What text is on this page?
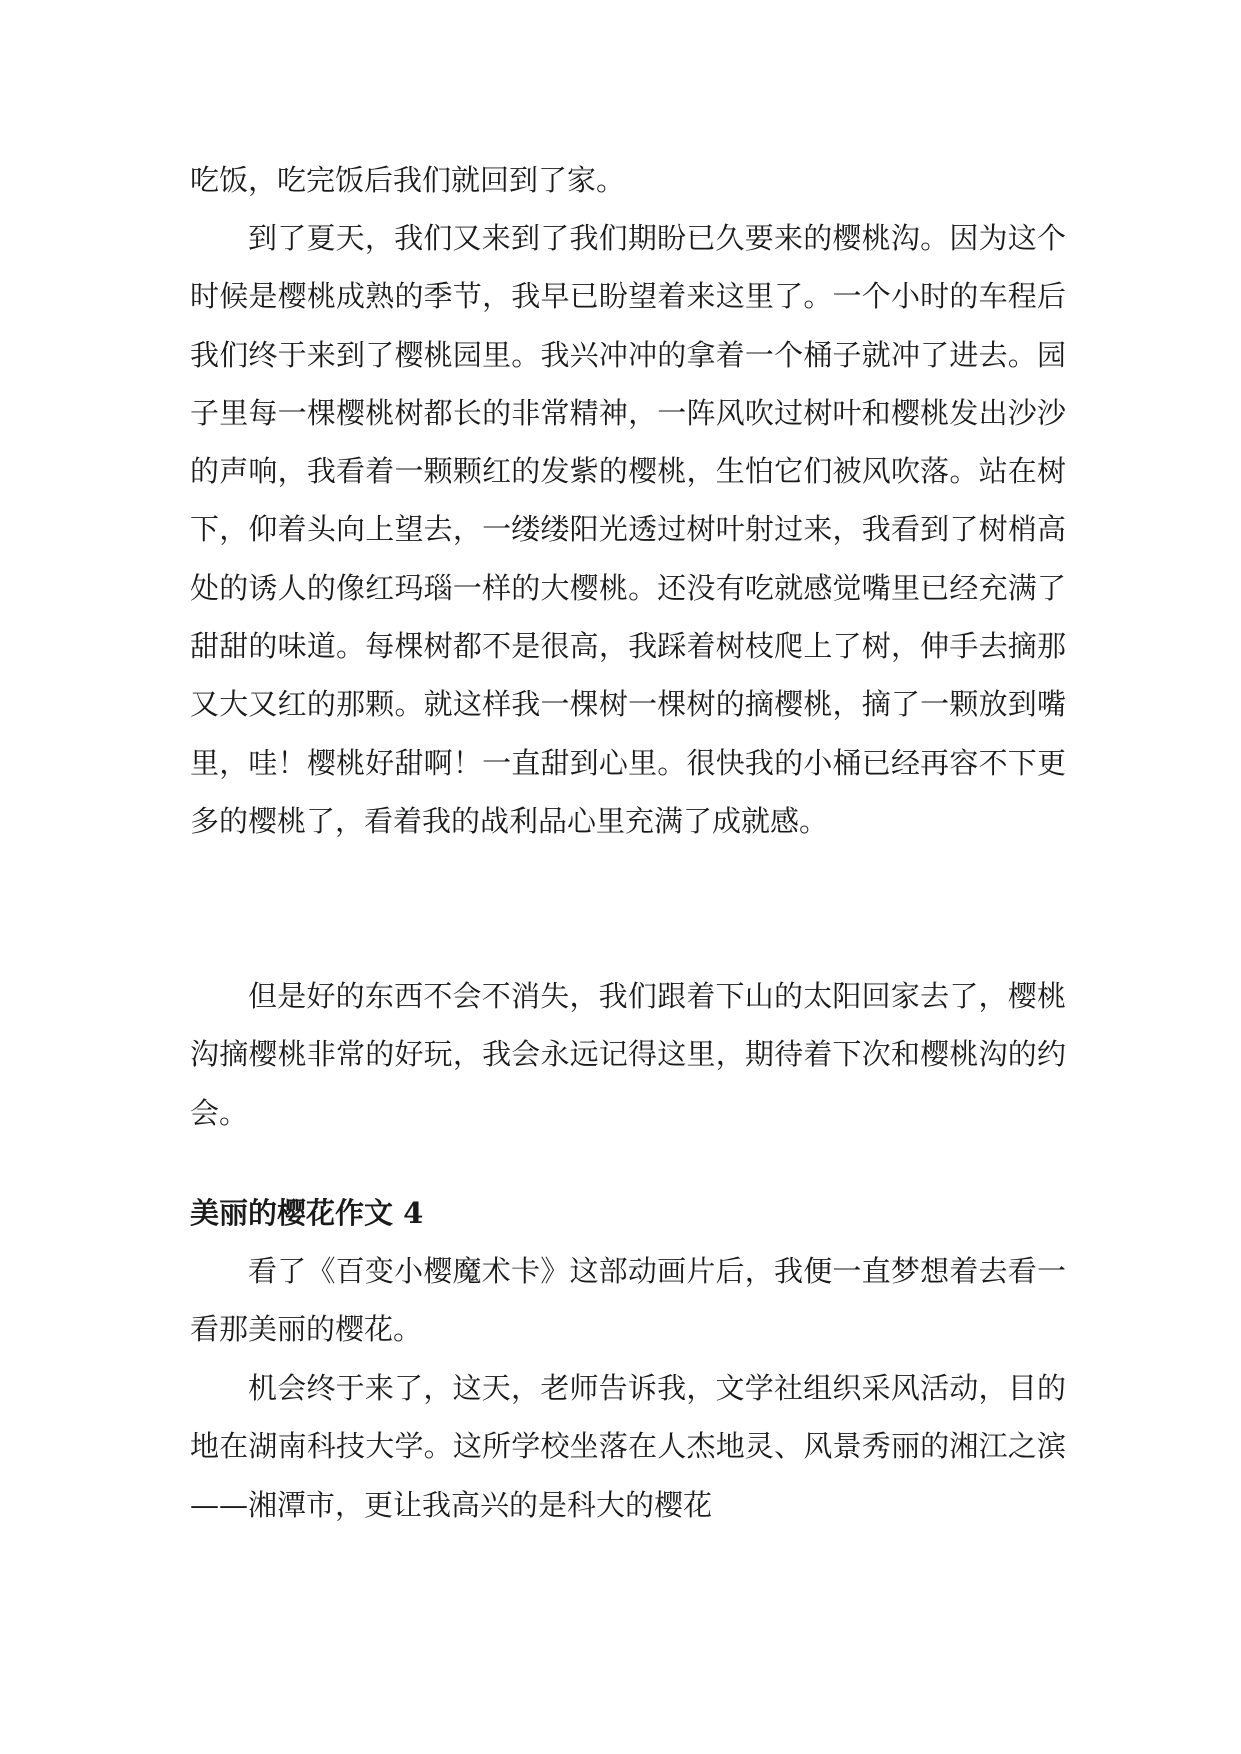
吃饭，吃完饭后我们就回到了家。

到了夏天，我们又来到了我们期盼已久要来的樱桃沟。因为这个时候是樱桃成熟的季节，我早已盼望着来这里了。一个小时的车程后我们终于来到了樱桃园里。我兴冲冲的拿着一个桶子就冲了进去。园子里每一棵樱桃树都长的非常精神，一阵风吹过树叶和樱桃发出沙沙的声响，我看着一颗颗红的发紫的樱桃，生怕它们被风吹落。站在树下，仰着头向上望去，一缕缕阳光透过树叶射过来，我看到了树梢高处的诱人的像红玛瑙一样的大樱桃。还没有吃就感觉嘴里已经充满了甜甜的味道。每棵树都不是很高，我踩着树枝爬上了树，伸手去摘那又大又红的那颗。就这样我一棵树一棵树的摘樱桃，摘了一颗放到嘴里，哇！樱桃好甜啊！一直甜到心里。很快我的小桶已经再容不下更多的樱桃了，看着我的战利品心里充满了成就感。

但是好的东西不会不消失，我们跟着下山的太阳回家去了，樱桃沟摘樱桃非常的好玩，我会永远记得这里，期待着下次和樱桃沟的约会。

美丽的樱花作文 4

看了《百变小樱魔术卡》这部动画片后，我便一直梦想着去看一看那美丽的樱花。

机会终于来了，这天，老师告诉我，文学社组织采风活动，目的地在湖南科技大学。这所学校坐落在人杰地灵、风景秀丽的湘江之滨——湘潭市，更让我高兴的是科大的樱花
